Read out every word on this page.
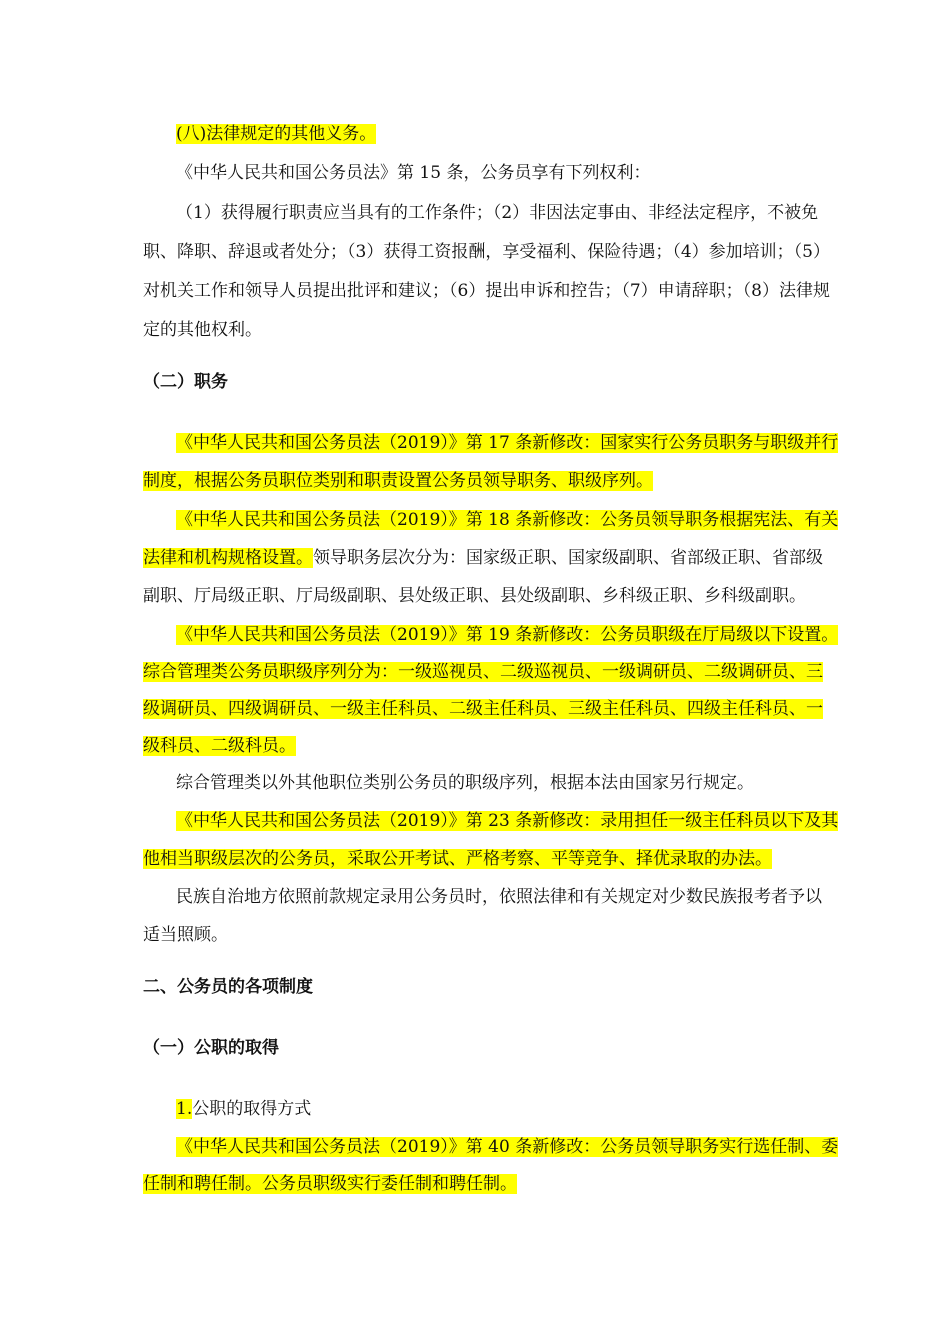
(八)法律规定的其他义务。
《中华人民共和国公务员法》第 15 条，公务员享有下列权利：
（1）获得履行职责应当具有的工作条件；（2）非因法定事由、非经法定程序，不被免
职、降职、辞退或者处分；（3）获得工资报酬，享受福利、保险待遇；（4）参加培训；（5）
对机关工作和领导人员提出批评和建议；（6）提出申诉和控告；（7）申请辞职；（8）法律规
定的其他权利。
（二）职务
《中华人民共和国公务员法（2019）》第 17 条新修改：国家实行公务员职务与职级并行
制度，根据公务员职位类别和职责设置公务员领导职务、职级序列。
《中华人民共和国公务员法（2019）》第 18 条新修改：公务员领导职务根据宪法、有关
法律和机构规格设置。领导职务层次分为：国家级正职、国家级副职、省部级正职、省部级
副职、厅局级正职、厅局级副职、县处级正职、县处级副职、乡科级正职、乡科级副职。
《中华人民共和国公务员法（2019）》第 19 条新修改：公务员职级在厅局级以下设置。
综合管理类公务员职级序列分为：一级巡视员、二级巡视员、一级调研员、二级调研员、三
级调研员、四级调研员、一级主任科员、二级主任科员、三级主任科员、四级主任科员、一
级科员、二级科员。
综合管理类以外其他职位类别公务员的职级序列，根据本法由国家另行规定。
《中华人民共和国公务员法（2019）》第 23 条新修改：录用担任一级主任科员以下及其
他相当职级层次的公务员，采取公开考试、严格考察、平等竞争、择优录取的办法。
民族自治地方依照前款规定录用公务员时，依照法律和有关规定对少数民族报考者予以
适当照顾。
二、公务员的各项制度
（一）公职的取得
1.公职的取得方式
《中华人民共和国公务员法（2019）》第 40 条新修改：公务员领导职务实行选任制、委
任制和聘任制。公务员职级实行委任制和聘任制。
